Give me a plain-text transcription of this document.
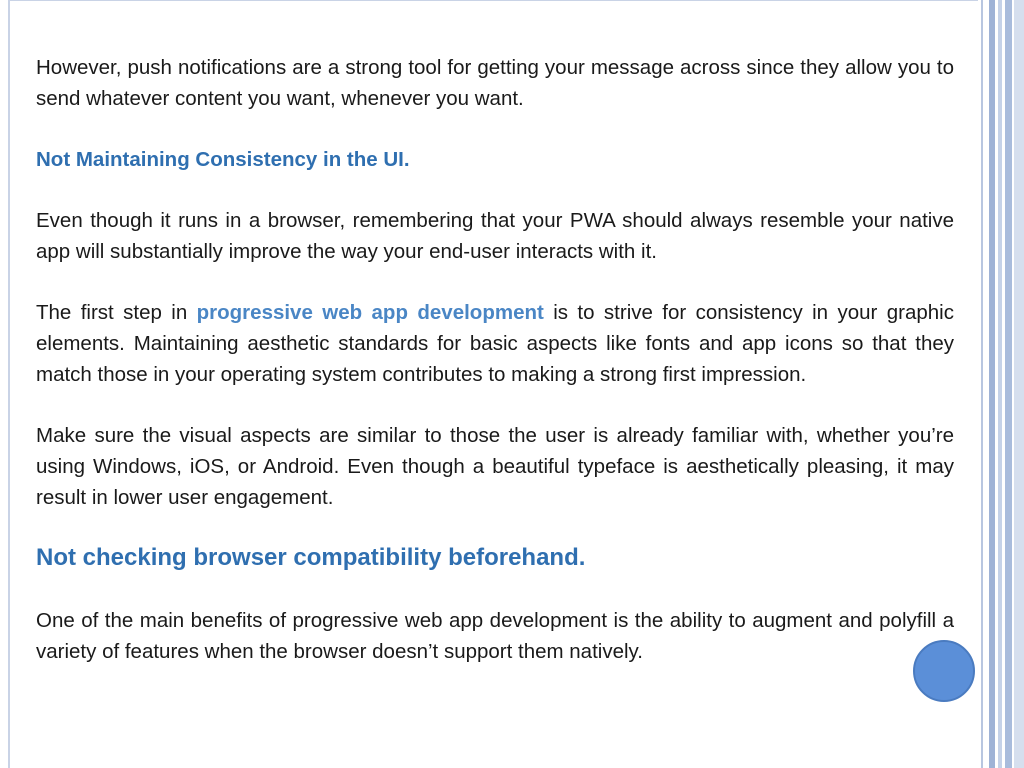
However, push notifications are a strong tool for getting your message across since they allow you to send whatever content you want, whenever you want.

Not Maintaining Consistency in the UI.

Even though it runs in a browser, remembering that your PWA should always resemble your native app will substantially improve the way your end-user interacts with it.

The first step in progressive web app development is to strive for consistency in your graphic elements. Maintaining aesthetic standards for basic aspects like fonts and app icons so that they match those in your operating system contributes to making a strong first impression.

Make sure the visual aspects are similar to those the user is already familiar with, whether you’re using Windows, iOS, or Android. Even though a beautiful typeface is aesthetically pleasing, it may result in lower user engagement.

Not checking browser compatibility beforehand.

One of the main benefits of progressive web app development is the ability to augment and polyfill a variety of features when the browser doesn’t support them natively.
